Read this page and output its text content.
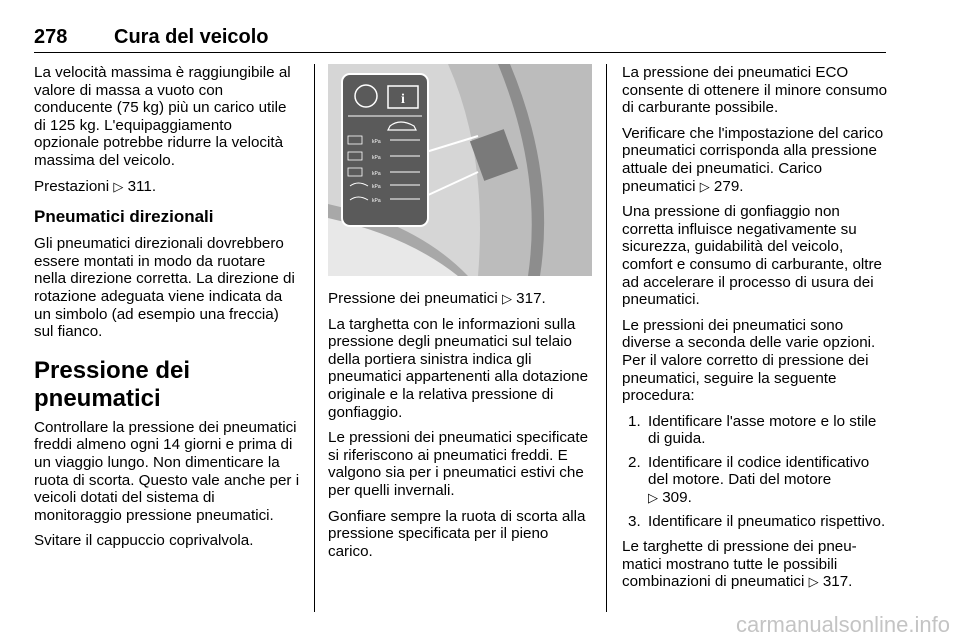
278 Cura del veicolo

La velocità massima è raggiungibile al valore di massa a vuoto con conducente (75 kg) più un carico utile di 125 kg. L'equipaggiamento opzionale potrebbe ridurre la velocità massima del veicolo.

Prestazioni ▷ 311.

Pneumatici direzionali

Gli pneumatici direzionali dovrebbero essere montati in modo da ruotare nella direzione corretta. La direzione di rotazione adeguata viene indicata da un simbolo (ad esempio una freccia) sul fianco.

Pressione dei pneumatici

Controllare la pressione dei pneumatici freddi almeno ogni 14 giorni e prima di un viaggio lungo. Non dimenticare la ruota di scorta. Questo vale anche per i veicoli dotati del sistema di monitoraggio pressione pneumatici.

Svitare il cappuccio coprivalvola.

i
kPa
kPa
kPa
kPa
kPa

Pressione dei pneumatici ▷ 317.

La targhetta con le informazioni sulla pressione degli pneumatici sul telaio della portiera sinistra indica gli pneumatici appartenenti alla dotazione originale e la relativa pressione di gonfiaggio.

Le pressioni dei pneumatici specificate si riferiscono ai pneumatici freddi. E valgono sia per i pneumatici estivi che per quelli invernali.

Gonfiare sempre la ruota di scorta alla pressione specificata per il pieno carico.

La pressione dei pneumatici ECO consente di ottenere il minore consumo di carburante possibile.

Verificare che l'impostazione del carico pneumatici corrisponda alla pressione attuale dei pneumatici. Carico pneumatici ▷ 279.

Una pressione di gonfiaggio non corretta influisce negativamente su sicurezza, guidabilità del veicolo, comfort e consumo di carburante, oltre ad accelerare il processo di usura dei pneumatici.

Le pressioni dei pneumatici sono diverse a seconda delle varie opzioni. Per il valore corretto di pressione dei pneumatici, seguire la seguente procedura:

1. Identificare l'asse motore e lo stile di guida.
2. Identificare il codice identificativo del motore. Dati del motore
▷ 309.
3. Identificare il pneumatico rispettivo.

Le targhette di pressione dei pneumatici mostrano tutte le possibili combinazioni di pneumatici ▷ 317.

carmanualsonline.info
